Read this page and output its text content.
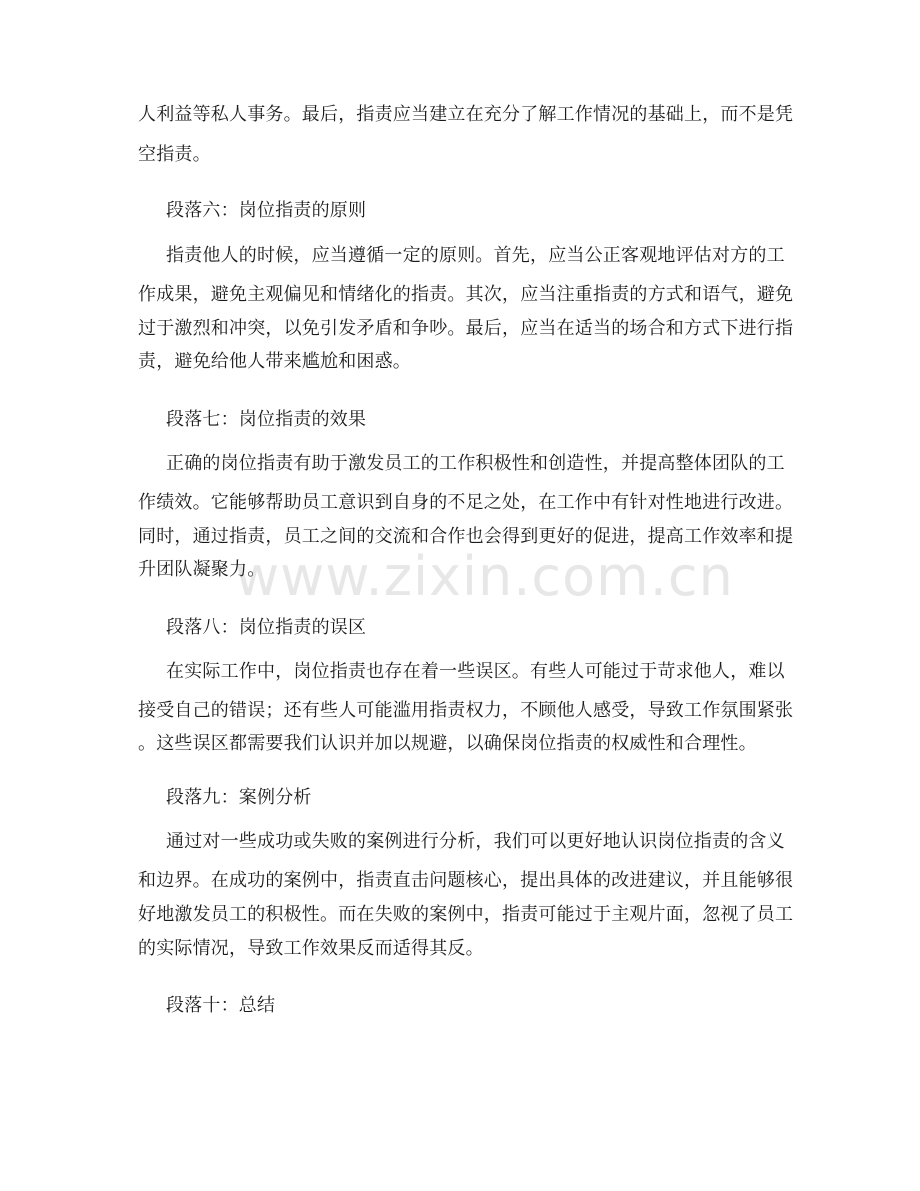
人利益等私人事务。最后，指责应当建立在充分了解工作情况的基础上，而不是凭
空指责。
段落六：岗位指责的原则
指责他人的时候，应当遵循一定的原则。首先，应当公正客观地评估对方的工
作成果，避免主观偏见和情绪化的指责。其次，应当注重指责的方式和语气，避免
过于激烈和冲突，以免引发矛盾和争吵。最后，应当在适当的场合和方式下进行指
责，避免给他人带来尴尬和困惑。
段落七：岗位指责的效果
正确的岗位指责有助于激发员工的工作积极性和创造性，并提高整体团队的工
作绩效。它能够帮助员工意识到自身的不足之处，在工作中有针对性地进行改进。
同时，通过指责，员工之间的交流和合作也会得到更好的促进，提高工作效率和提
升团队凝聚力。
段落八：岗位指责的误区
在实际工作中，岗位指责也存在着一些误区。有些人可能过于苛求他人，难以
接受自己的错误；还有些人可能滥用指责权力，不顾他人感受，导致工作氛围紧张
。这些误区都需要我们认识并加以规避，以确保岗位指责的权威性和合理性。
段落九：案例分析
通过对一些成功或失败的案例进行分析，我们可以更好地认识岗位指责的含义
和边界。在成功的案例中，指责直击问题核心，提出具体的改进建议，并且能够很
好地激发员工的积极性。而在失败的案例中，指责可能过于主观片面，忽视了员工
的实际情况，导致工作效果反而适得其反。
段落十：总结
www.zixin.com.cn
